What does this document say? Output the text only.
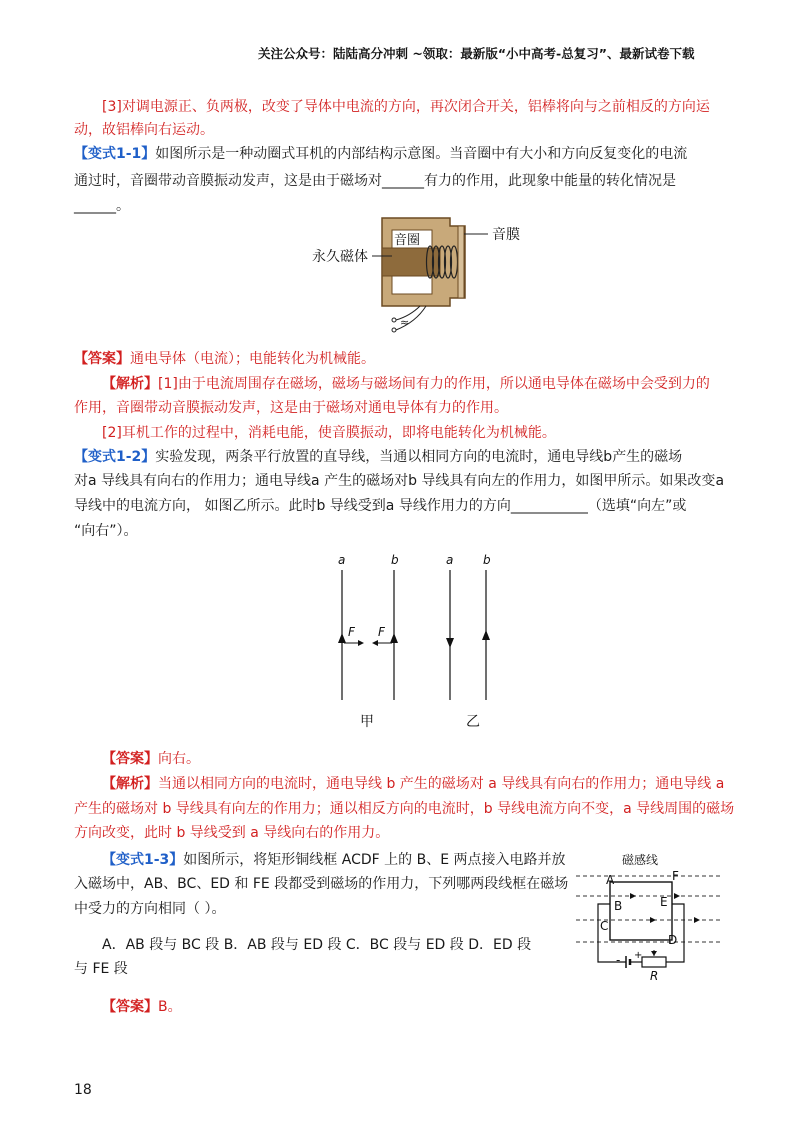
关注公众号：陆陆高分冲刺 ~领取：最新版“小中高考-总复习”、最新试卷下载
[3]对调电源正、负两极，改变了导体中电流的方向，再次闭合开关，铝棒将向与之前相反的方向运
动，故铝棒向右运动。
【变式1-1】如图所示是一种动圈式耳机的内部结构示意图。当音圈中有大小和方向反复变化的电流
通过时，音圈带动音膜振动发声，这是由于磁场对______有力的作用，此现象中能量的转化情况是
______。
≈
音圈	音膜
永久磁体
【答案】通电导体（电流）；电能转化为机械能。
【解析】[1]由于电流周围存在磁场，磁场与磁场间有力的作用，所以通电导体在磁场中会受到力的
作用，音圈带动音膜振动发声，这是由于磁场对通电导体有力的作用。
[2]耳机工作的过程中，消耗电能，使音膜振动，即将电能转化为机械能。
【变式1-2】实验发现，两条平行放置的直导线，当通以相同方向的电流时，通电导线b产生的磁场
对a 导线具有向右的作用力；通电导线a 产生的磁场对b 导线具有向左的作用力，如图甲所示。如果改变a
导线中的电流方向， 如图乙所示。此时b 导线受到a 导线作用力的方向___________（选填“向左”或
“向右”）。
F F
a	b	a b
甲	乙
【答案】向右。
【解析】当通以相同方向的电流时，通电导线 b 产生的磁场对 a 导线具有向右的作用力；通电导线 a
产生的磁场对 b 导线具有向左的作用力；通以相反方向的电流时，b 导线电流方向不变，a 导线周围的磁场
方向改变，此时 b 导线受到 a 导线向右的作用力。
【变式1-3】如图所示，将矩形铜线框 ACDF 上的 B、E 两点接入电路并放
入磁场中，AB、BC、ED 和 FE 段都受到磁场的作用力，下列哪两段线框在磁场
中受力的方向相同（ ）。
A．AB 段与 BC 段 B．AB 段与 ED 段 C．BC 段与 ED 段 D．ED 段
与 FE 段
磁感线
A
B
C
D
E
F
R
- +
【答案】B。
18
